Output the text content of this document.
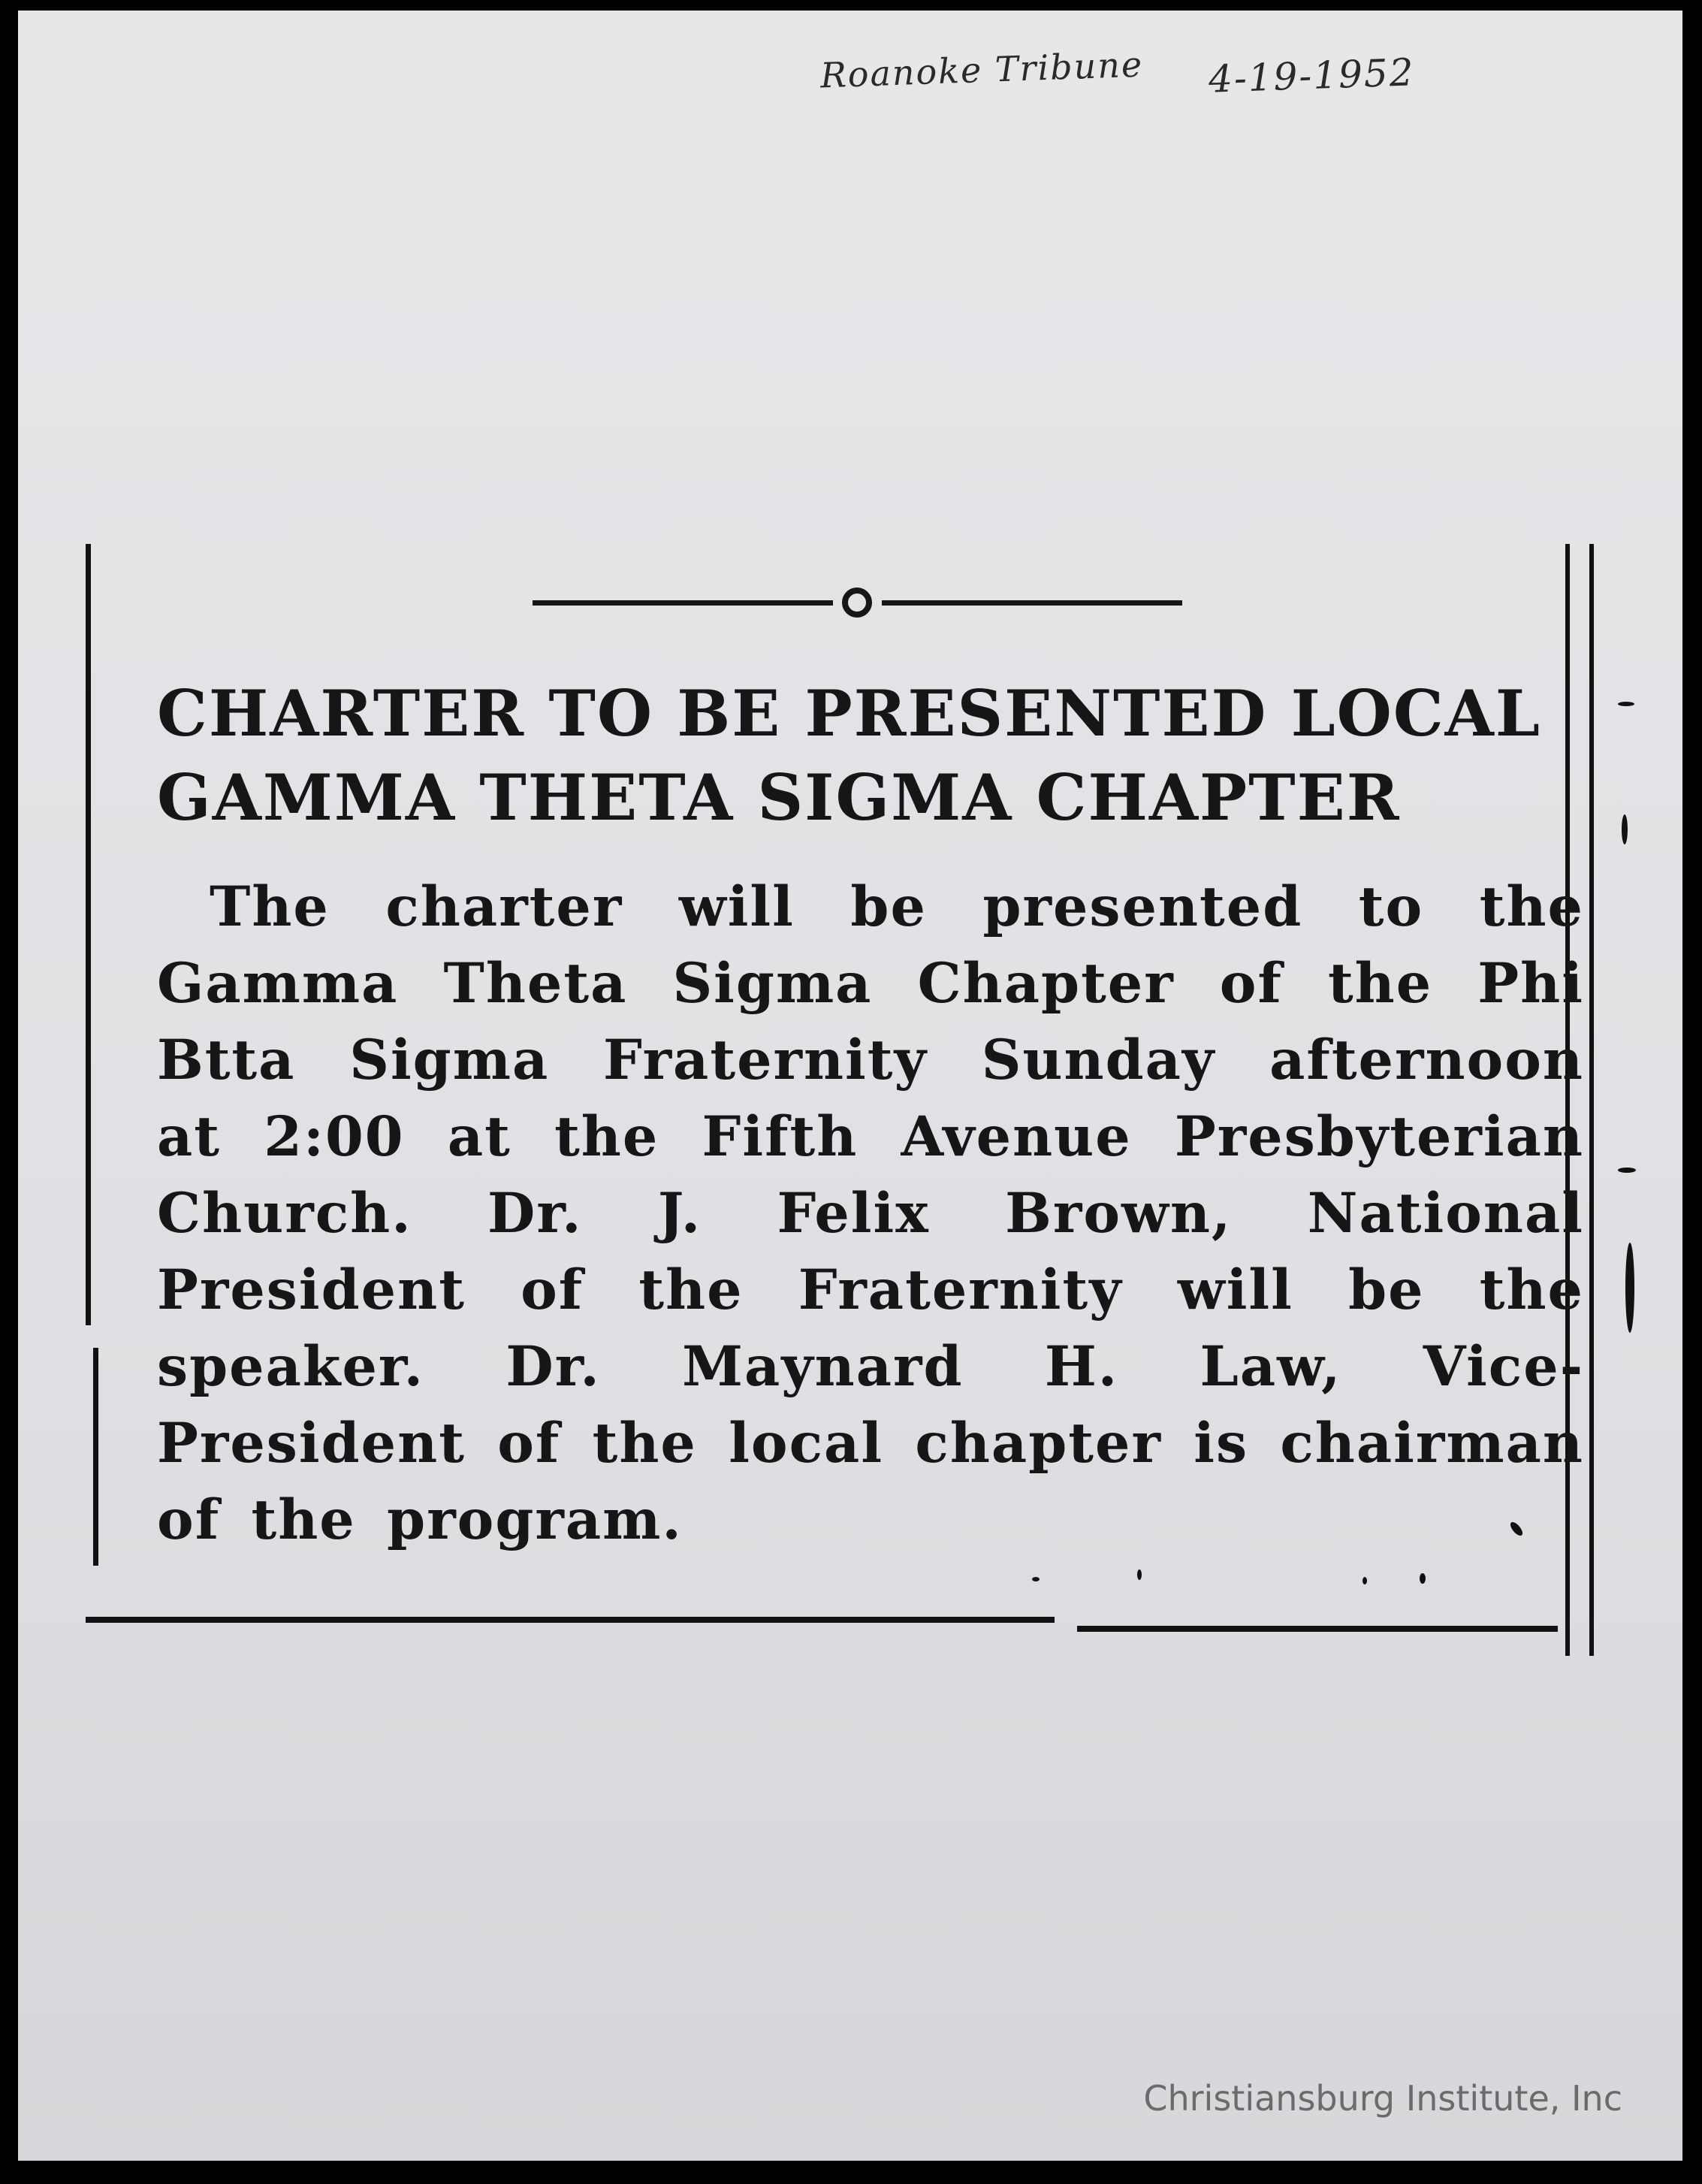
Roanoke Tribune 4-19-1952

CHARTER TO BE PRESENTED LOCAL

GAMMA THETA SIGMA CHAPTER

The charter will be presented to the Gamma Theta Sigma Chapter of the Phi Btta Sigma Fraternity Sunday afternoon at 2:00 at the Fifth Avenue Presbyterian Church. Dr. J. Felix Brown, National President of the Fraternity will be the speaker. Dr. Maynard H. Law, Vice-President of the local chapter is chairman of the program.
Christiansburg Institute, Inc
